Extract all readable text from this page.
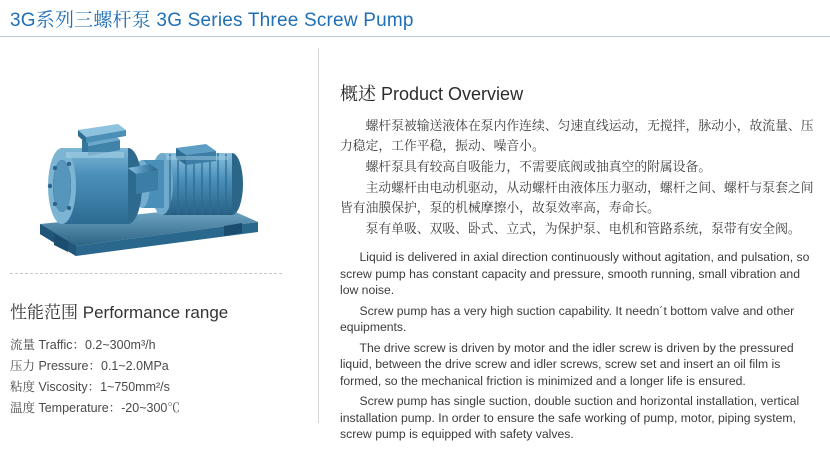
3G系列三螺杆泵 3G Series Three Screw Pump
性能范围 Performance range
流量 Traffic：0.2~300m³/h
压力 Pressure：0.1~2.0MPa
粘度 Viscosity：1~750mm²/s
温度 Temperature：-20~300℃
概述 Product Overview

螺杆泵被输送液体在泵内作连续、匀速直线运动，无搅拌，脉动小，故流量、压力稳定，工作平稳，振动、噪音小。

螺杆泵具有较高自吸能力，不需要底阀或抽真空的附属设备。

主动螺杆由电动机驱动，从动螺杆由液体压力驱动，螺杆之间、螺杆与泵套之间皆有油膜保护，泵的机械摩擦小，故泵效率高，寿命长。

泵有单吸、双吸、卧式、立式，为保护泵、电机和管路系统，泵带有安全阀。

Liquid is delivered in axial direction continuously without agitation, and pulsation, so screw pump has constant capacity and pressure, smooth running, small vibration and low noise.

Screw pump has a very high suction capability. It needn´t bottom valve and other equipments.

The drive screw is driven by motor and the idler screw is driven by the pressured liquid, between the drive screw and idler screws, screw set and insert an oil film is formed, so the mechanical friction is minimized and a longer life is ensured.

Screw pump has single suction, double suction and horizontal installation, vertical installation pump. In order to ensure the safe working of pump, motor, piping system, screw pump is equipped with safety valves.
